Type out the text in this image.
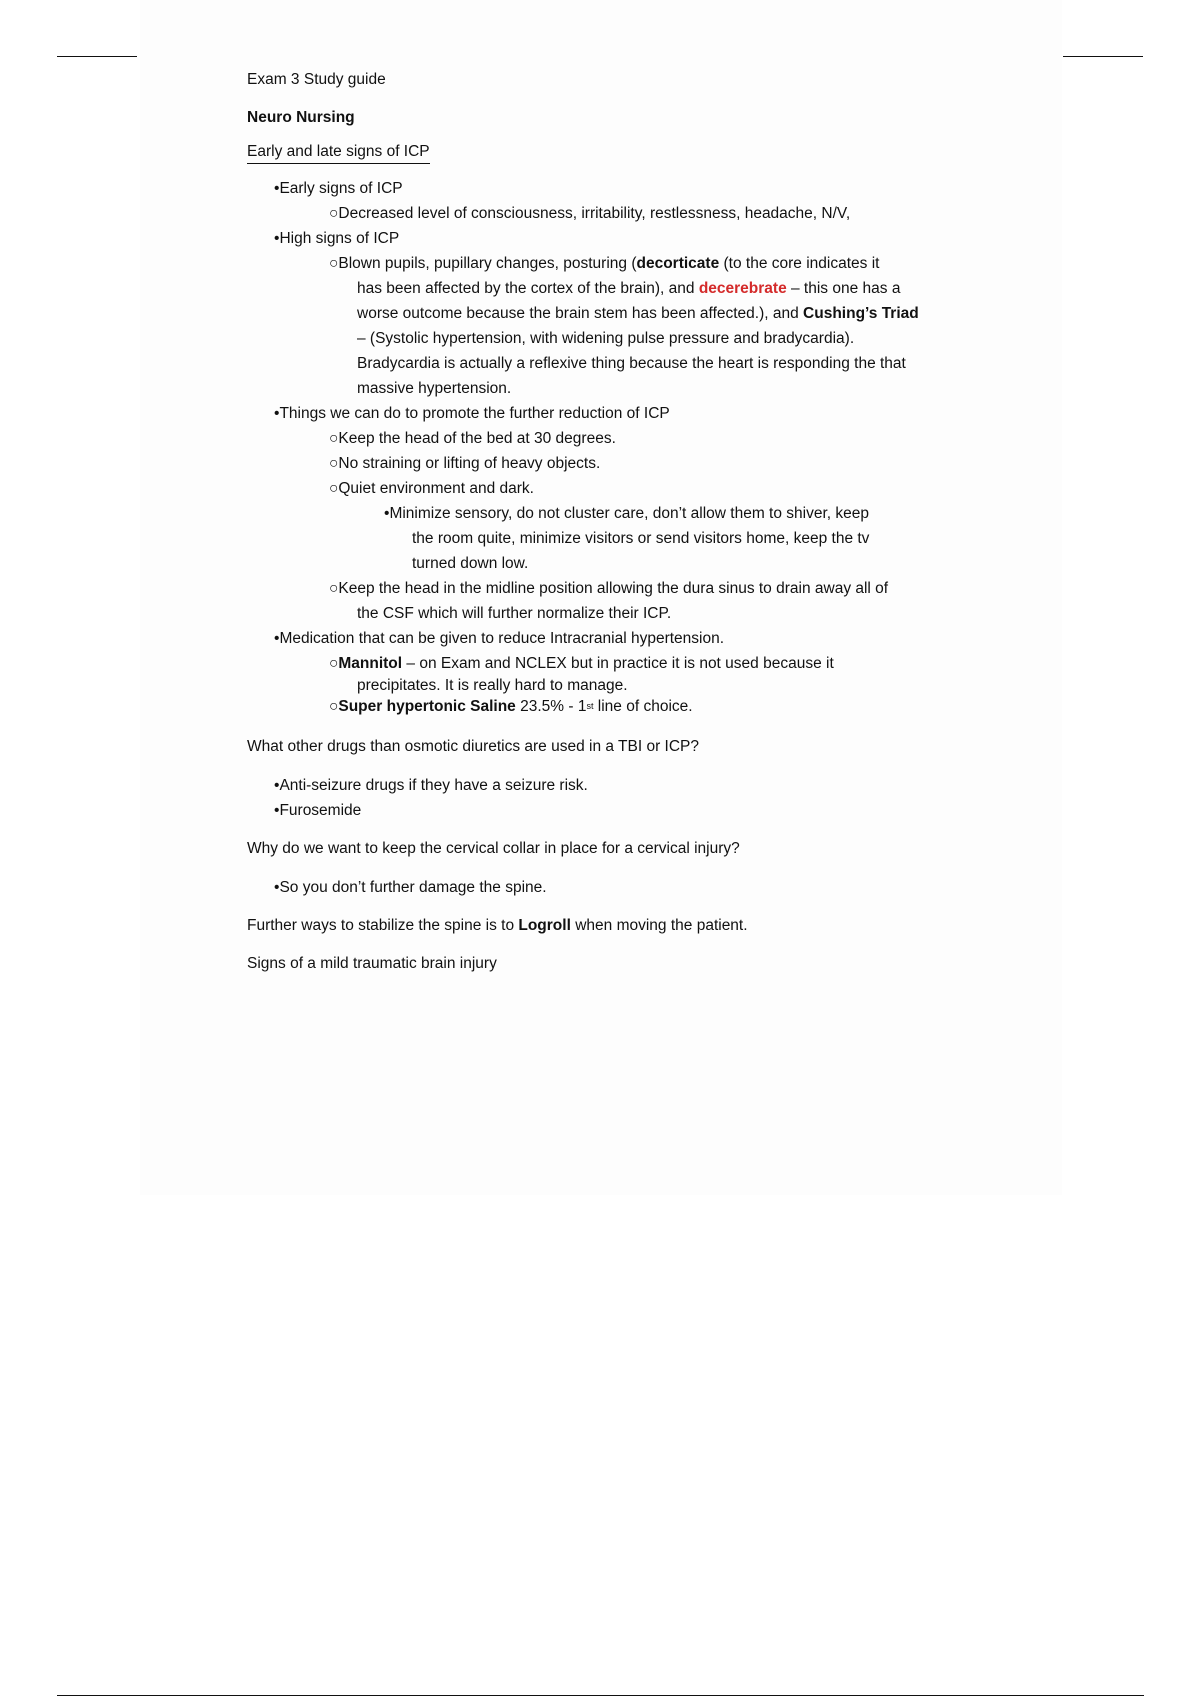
Exam 3 Study guide

Neuro Nursing

Early and late signs of ICP

•Early signs of ICP
○Decreased level of consciousness, irritability, restlessness, headache, N/V,
•High signs of ICP
○Blown pupils, pupillary changes, posturing (decorticate (to the core indicates it
has been affected by the cortex of the brain), and decerebrate – this one has a
worse outcome because the brain stem has been affected.), and Cushing’s Triad
– (Systolic hypertension, with widening pulse pressure and bradycardia).
Bradycardia is actually a reflexive thing because the heart is responding the that
massive hypertension.
•Things we can do to promote the further reduction of ICP
○Keep the head of the bed at 30 degrees.
○No straining or lifting of heavy objects.
○Quiet environment and dark.
•Minimize sensory, do not cluster care, don’t allow them to shiver, keep
the room quite, minimize visitors or send visitors home, keep the tv
turned down low.
○Keep the head in the midline position allowing the dura sinus to drain away all of
the CSF which will further normalize their ICP.
•Medication that can be given to reduce Intracranial hypertension.
○Mannitol – on Exam and NCLEX but in practice it is not used because it
precipitates. It is really hard to manage.
○Super hypertonic Saline 23.5% - 1st line of choice.

What other drugs than osmotic diuretics are used in a TBI or ICP?

•Anti-seizure drugs if they have a seizure risk.
•Furosemide

Why do we want to keep the cervical collar in place for a cervical injury?

•So you don’t further damage the spine.

Further ways to stabilize the spine is to Logroll when moving the patient.

Signs of a mild traumatic brain injury
